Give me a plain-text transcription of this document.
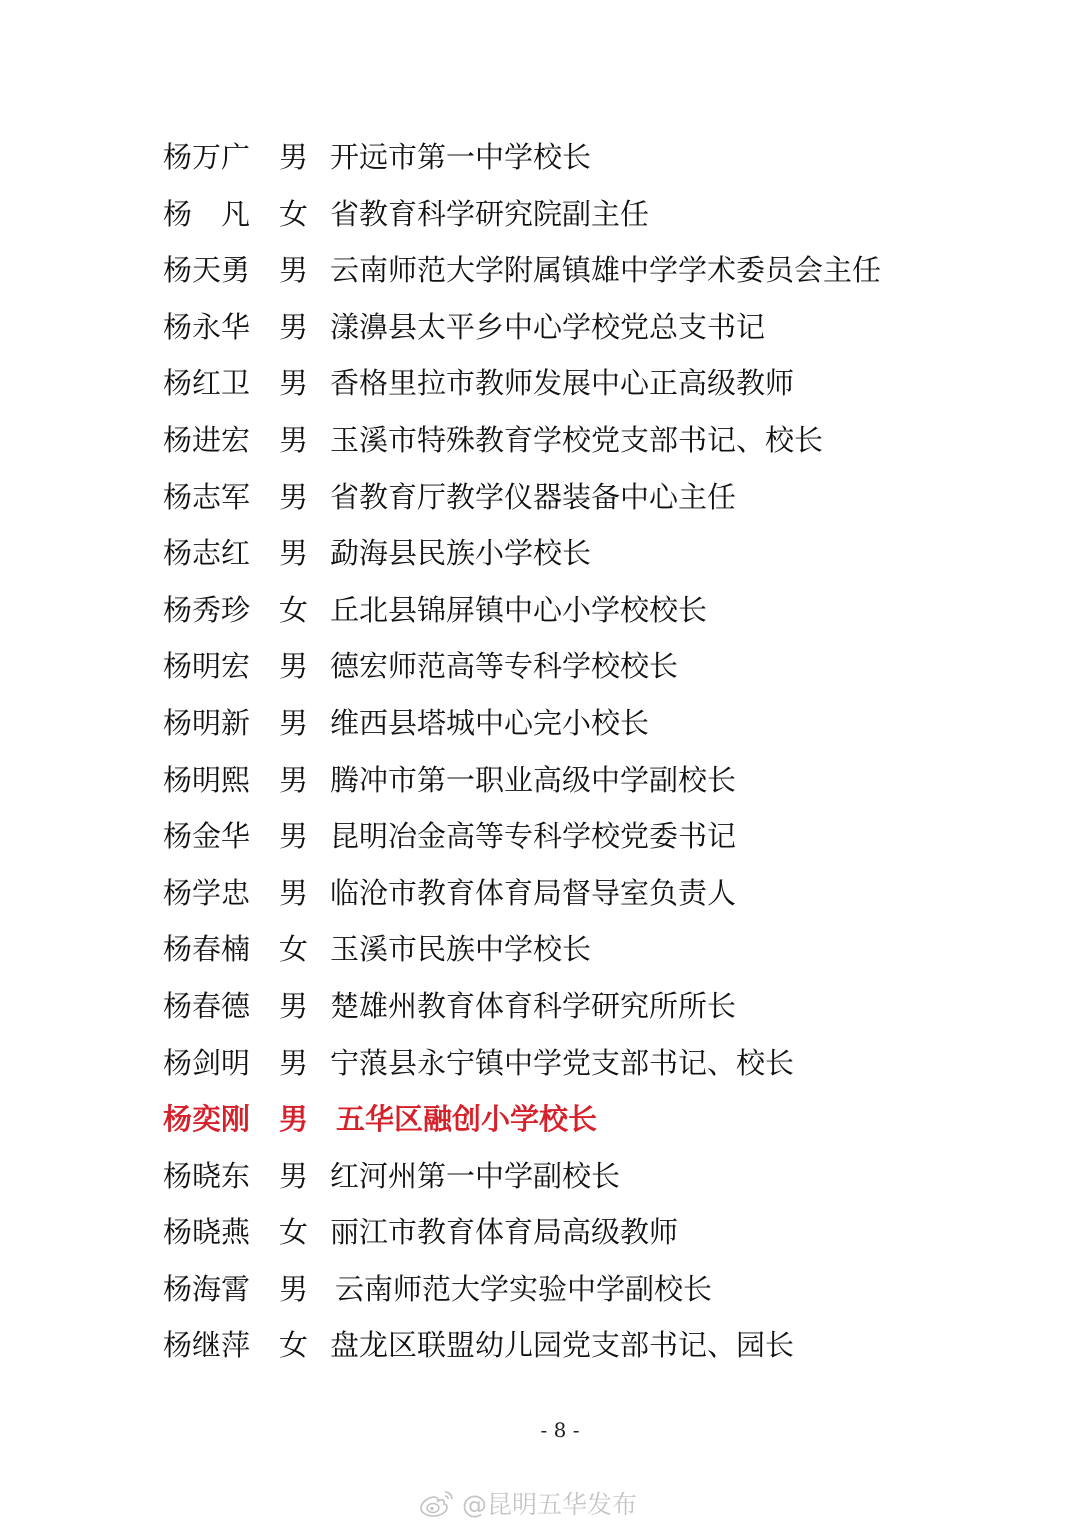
杨万广 男 开远市第一中学校长
杨　凡 女 省教育科学研究院副主任
杨天勇 男 云南师范大学附属镇雄中学学术委员会主任
杨永华 男 漾濞县太平乡中心学校党总支书记
杨红卫 男 香格里拉市教师发展中心正高级教师
杨进宏 男 玉溪市特殊教育学校党支部书记、校长
杨志军 男 省教育厅教学仪器装备中心主任
杨志红 男 勐海县民族小学校长
杨秀珍 女 丘北县锦屏镇中心小学校校长
杨明宏 男 德宏师范高等专科学校校长
杨明新 男 维西县塔城中心完小校长
杨明熙 男 腾冲市第一职业高级中学副校长
杨金华 男 昆明冶金高等专科学校党委书记
杨学忠 男 临沧市教育体育局督导室负责人
杨春楠 女 玉溪市民族中学校长
杨春德 男 楚雄州教育体育科学研究所所长
杨剑明 男 宁蒗县永宁镇中学党支部书记、校长
杨奕刚 男 五华区融创小学校长
杨晓东 男 红河州第一中学副校长
杨晓燕 女 丽江市教育体育局高级教师
杨海霄 男 云南师范大学实验中学副校长
杨继萍 女 盘龙区联盟幼儿园党支部书记、园长
- 8 -
@昆明五华发布
